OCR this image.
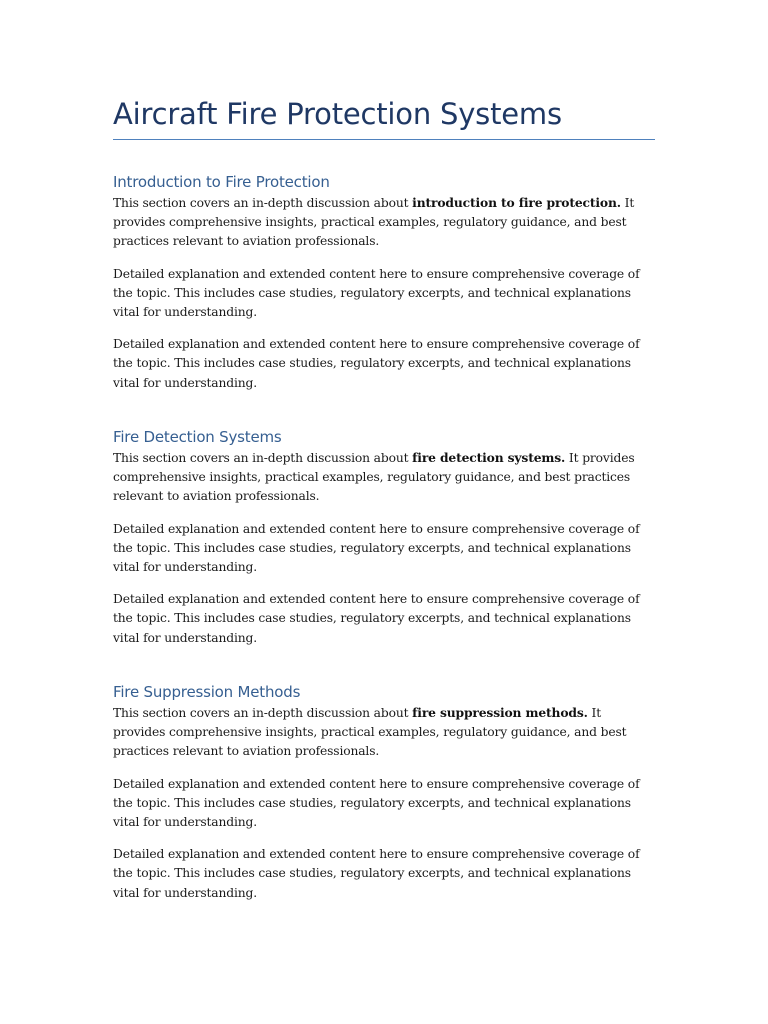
Aircraft Fire Protection Systems
Introduction to Fire Protection

This section covers an in-depth discussion about introduction to fire protection. It provides comprehensive insights, practical examples, regulatory guidance, and best practices relevant to aviation professionals.

Detailed explanation and extended content here to ensure comprehensive coverage of the topic. This includes case studies, regulatory excerpts, and technical explanations vital for understanding.

Detailed explanation and extended content here to ensure comprehensive coverage of the topic. This includes case studies, regulatory excerpts, and technical explanations vital for understanding.

Fire Detection Systems

This section covers an in-depth discussion about fire detection systems. It provides comprehensive insights, practical examples, regulatory guidance, and best practices relevant to aviation professionals.

Detailed explanation and extended content here to ensure comprehensive coverage of the topic. This includes case studies, regulatory excerpts, and technical explanations vital for understanding.

Detailed explanation and extended content here to ensure comprehensive coverage of the topic. This includes case studies, regulatory excerpts, and technical explanations vital for understanding.

Fire Suppression Methods

This section covers an in-depth discussion about fire suppression methods. It provides comprehensive insights, practical examples, regulatory guidance, and best practices relevant to aviation professionals.

Detailed explanation and extended content here to ensure comprehensive coverage of the topic. This includes case studies, regulatory excerpts, and technical explanations vital for understanding.

Detailed explanation and extended content here to ensure comprehensive coverage of the topic. This includes case studies, regulatory excerpts, and technical explanations vital for understanding.
